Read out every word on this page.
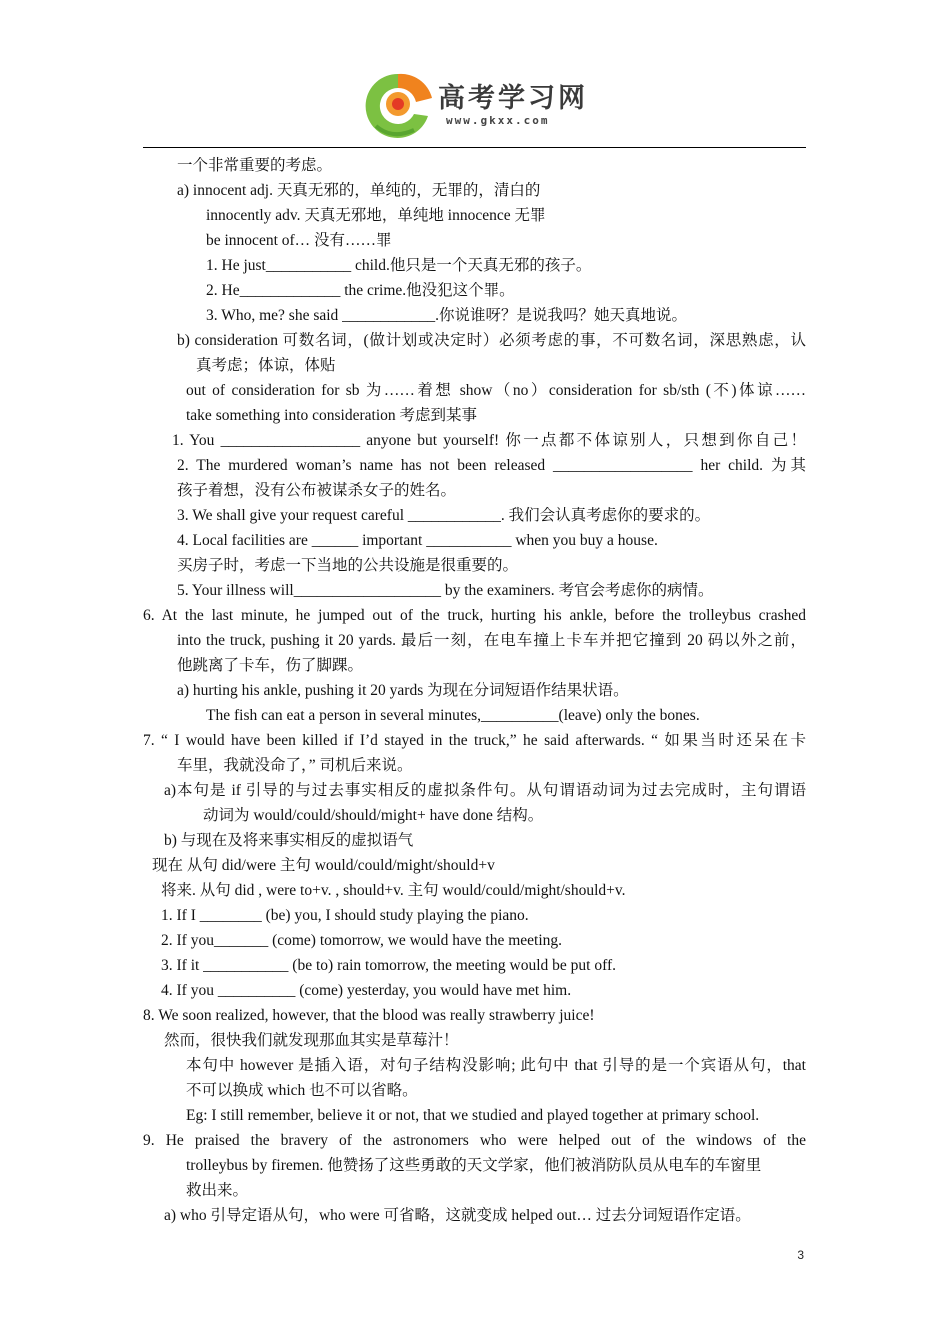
高考学习网
www.gkxx.com
一个非常重要的考虑。
a) innocent adj. 天真无邪的，单纯的，无罪的，清白的
innocently adv. 天真无邪地，单纯地 innocence 无罪
be innocent of… 没有……罪
1. He just___________ child.他只是一个天真无邪的孩子。
2. He_____________ the crime.他没犯这个罪。
3. Who, me? she said ____________.你说谁呀？是说我吗？她天真地说。
b) consideration 可数名词，(做计划或决定时）必须考虑的事，不可数名词，深思熟虑，认
真考虑；体谅，体贴
out of consideration for sb 为……着想 show（no）consideration for sb/sth (不)体谅……
take something into consideration 考虑到某事
1. You __________________ anyone but yourself! 你一点都不体谅别人，只想到你自己！
2. The murdered woman’s name has not been released __________________ her child. 为其
孩子着想，没有公布被谋杀女子的姓名。
3. We shall give your request careful ____________. 我们会认真考虑你的要求的。
4. Local facilities are ______ important ___________ when you buy a house.
买房子时，考虑一下当地的公共设施是很重要的。
5. Your illness will___________________ by the examiners. 考官会考虑你的病情。
6. At the last minute, he jumped out of the truck, hurting his ankle, before the trolleybus crashed
into the truck, pushing it 20 yards. 最后一刻，在电车撞上卡车并把它撞到 20 码以外之前，
他跳离了卡车，伤了脚踝。
a) hurting his ankle, pushing it 20 yards 为现在分词短语作结果状语。
The fish can eat a person in several minutes,__________(leave) only the bones.
7. “ I would have been killed if I’d stayed in the truck,” he said afterwards. “ 如果当时还呆在卡
车里，我就没命了，” 司机后来说。
a)本句是 if 引导的与过去事实相反的虚拟条件句。从句谓语动词为过去完成时，主句谓语
动词为 would/could/should/might+ have done 结构。
b) 与现在及将来事实相反的虚拟语气
现在 从句 did/were 主句 would/could/might/should+v
将来. 从句 did , were to+v. , should+v. 主句 would/could/might/should+v.
1. If I ________ (be) you, I should study playing the piano.
2. If you_______ (come) tomorrow, we would have the meeting.
3. If it ___________ (be to) rain tomorrow, the meeting would be put off.
4. If you __________ (come) yesterday, you would have met him.
8. We soon realized, however, that the blood was really strawberry juice!
然而，很快我们就发现那血其实是草莓汁！
本句中 however 是插入语，对句子结构没影响; 此句中 that 引导的是一个宾语从句，that
不可以换成 which 也不可以省略。
Eg: I still remember, believe it or not, that we studied and played together at primary school.
9. He praised the bravery of the astronomers who were helped out of the windows of the
trolleybus by firemen. 他赞扬了这些勇敢的天文学家，他们被消防队员从电车的车窗里
救出来。
a) who 引导定语从句，who were 可省略，这就变成 helped out… 过去分词短语作定语。
3
